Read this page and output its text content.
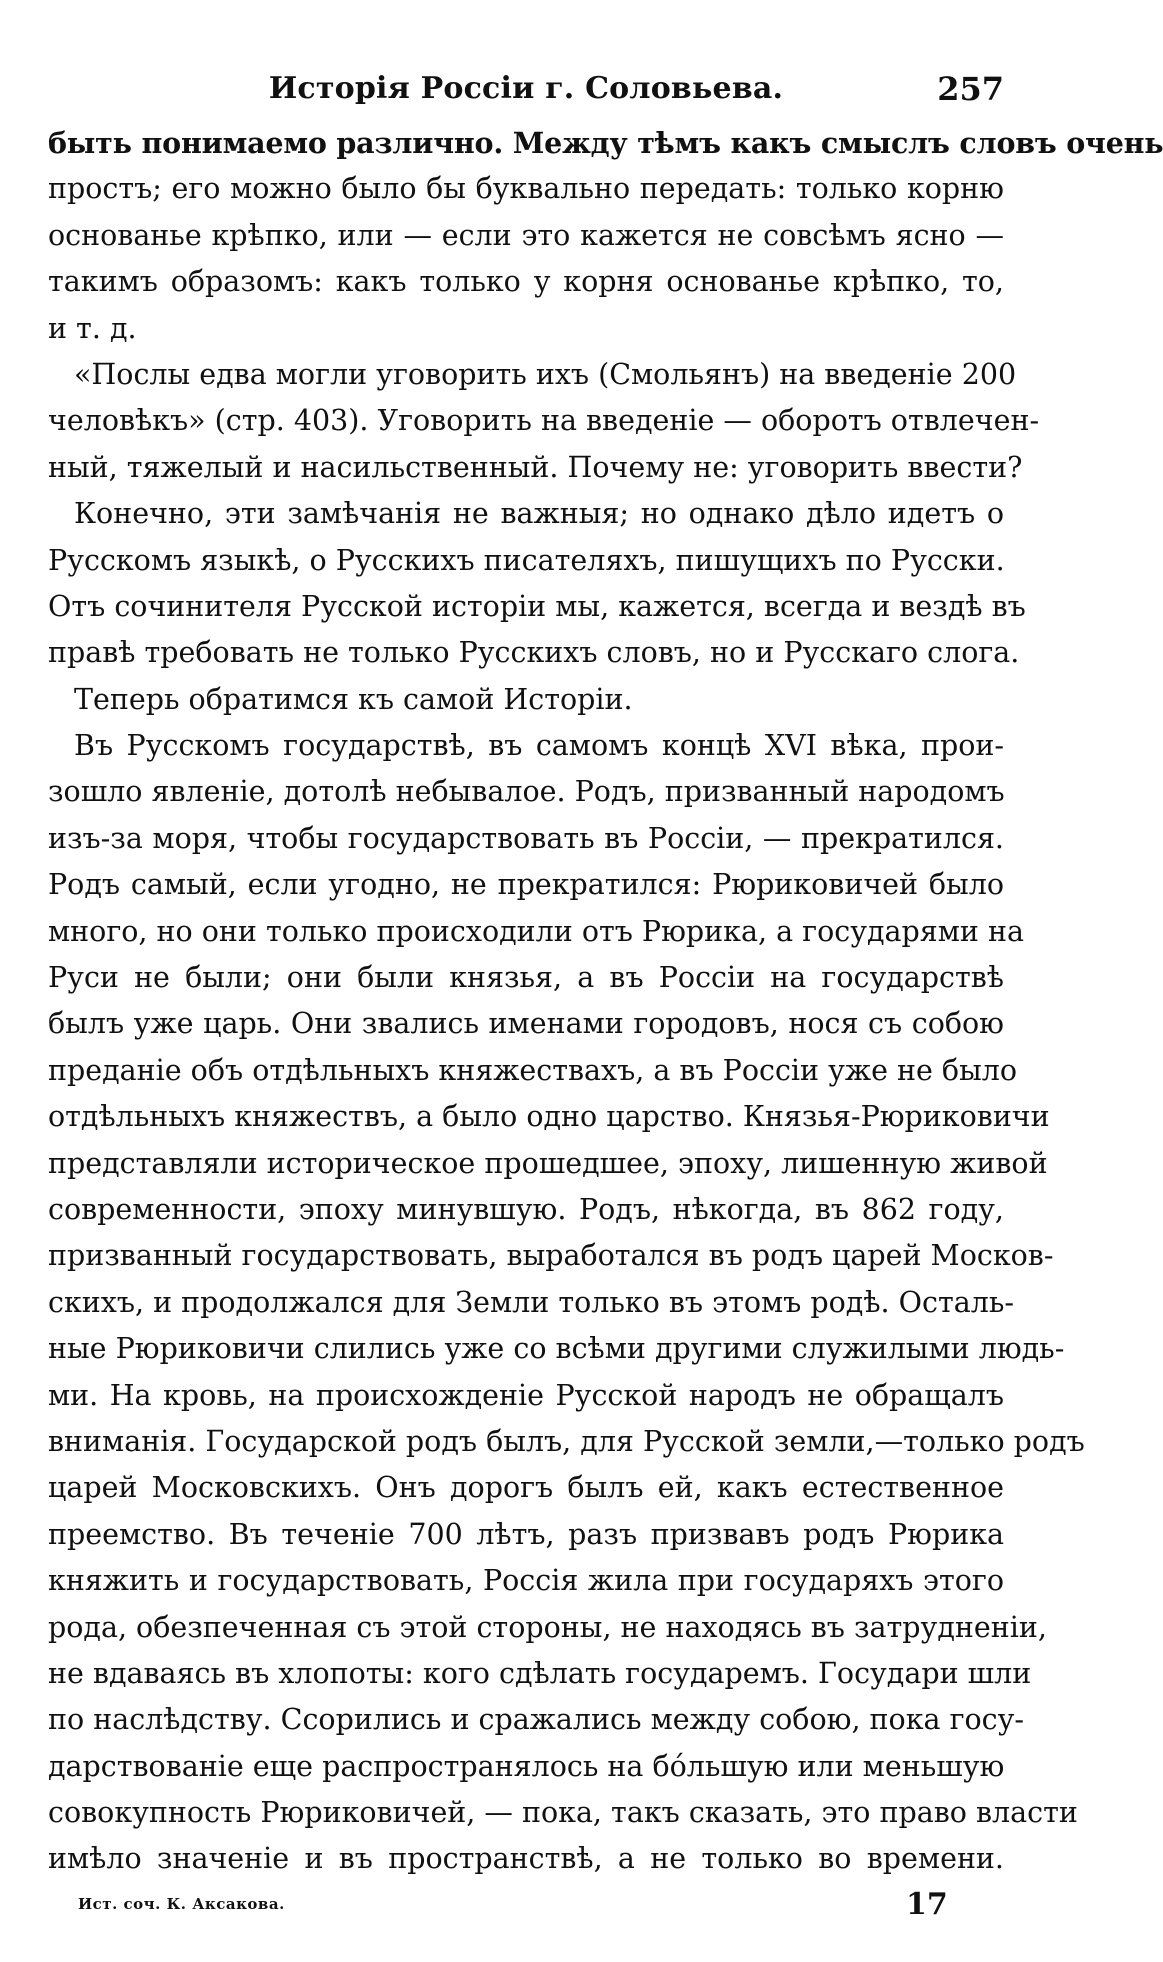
Исторiя Россiи г. Соловьева.	257
быть понимаемо различно. Между тѣмъ какъ смыслъ словъ очень
простъ; его можно было бы буквально передать: только корню
основанье крѣпко, или — если это кажется не совсѣмъ ясно —
такимъ образомъ: какъ только у корня основанье крѣпко, то,
и т. д.
«Послы едва могли уговорить ихъ (Смольянъ) на введенiе 200
человѣкъ» (стр. 403). Уговорить на введенiе — оборотъ отвлечен-
ный, тяжелый и насильственный. Почему не: уговорить ввести?
Конечно, эти замѣчанiя не важныя; но однако дѣло идетъ о
Русскомъ языкѣ, о Русскихъ писателяхъ, пишущихъ по Русски.
Отъ сочинителя Русской исторiи мы, кажется, всегда и вездѣ въ
правѣ требовать не только Русскихъ словъ, но и Русскаго слога.
Теперь обратимся къ самой Исторiи.
Въ Русскомъ государствѣ, въ самомъ концѣ XVI вѣка, прои-
зошло явленiе, дотолѣ небывалое. Родъ, призванный народомъ
изъ-за моря, чтобы государствовать въ Россiи, — прекратился.
Родъ самый, если угодно, не прекратился: Рюриковичей было
много, но они только происходили отъ Рюрика, а государями на
Руси не были; они были князья, а въ Россiи на государствѣ
былъ уже царь. Они звались именами городовъ, нося съ собою
преданiе объ отдѣльныхъ княжествахъ, а въ Россiи уже не было
отдѣльныхъ княжествъ, а было одно царство. Князья-Рюриковичи
представляли историческое прошедшее, эпоху, лишенную живой
современности, эпоху минувшую. Родъ, нѣкогда, въ 862 году,
призванный государствовать, выработался въ родъ царей Москов-
скихъ, и продолжался для Земли только въ этомъ родѣ. Осталь-
ные Рюриковичи слились уже со всѣми другими служилыми людь-
ми. На кровь, на происхожденiе Русской народъ не обращалъ
вниманiя. Государской родъ былъ, для Русской земли,—только родъ
царей Московскихъ. Онъ дорогъ былъ ей, какъ естественное
преемство. Въ теченiе 700 лѣтъ, разъ призвавъ родъ Рюрика
княжить и государствовать, Россiя жила при государяхъ этого
рода, обезпеченная съ этой стороны, не находясь въ затрудненiи,
не вдаваясь въ хлопоты: кого сдѣлать государемъ. Государи шли
по наслѣдству. Ссорились и сражались между собою, пока госу-
дарствованiе еще распространялось на бо́льшую или меньшую
совокупность Рюриковичей, — пока, такъ сказать, это право власти
имѣло значенiе и въ пространствѣ, а не только во времени.
Ист. соч. К. Аксакова.	17
